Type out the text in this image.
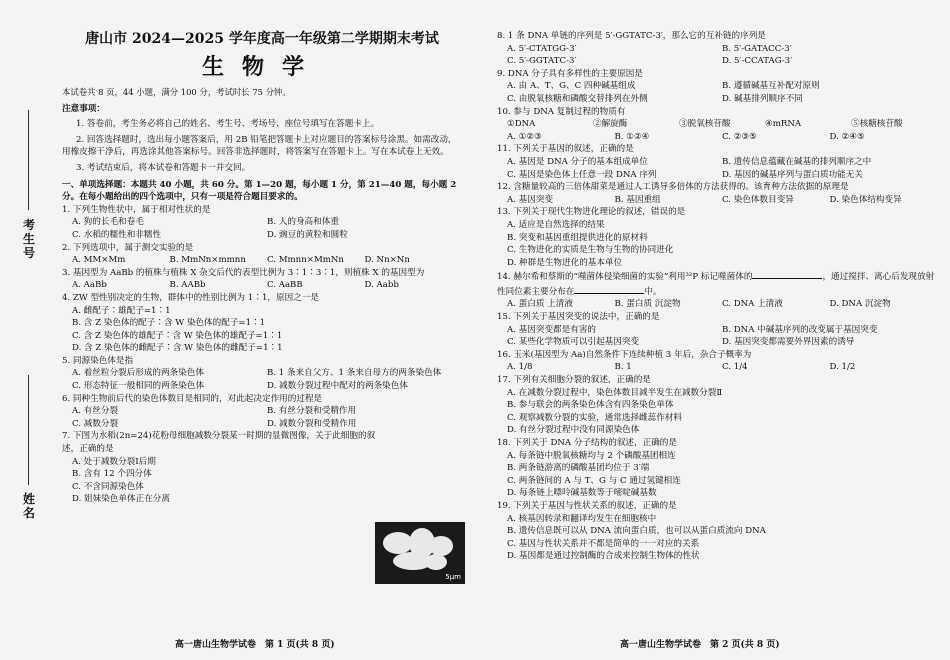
考生号
姓名
唐山市 2024—2025 学年度高一年级第二学期期末考试
生物学
本试卷共 8 页，44 小题，满分 100 分，考试时长 75 分钟。
注意事项：
1. 答卷前，考生务必将自己的姓名、考生号、考场号、座位号填写在答题卡上。
2. 回答选择题时，选出每小题答案后，用 2B 铅笔把答题卡上对应题目的答案标号涂黑。如需改动，用橡皮擦干净后，再选涂其他答案标号。回答非选择题时，将答案写在答题卡上。写在本试卷上无效。
3. 考试结束后，将本试卷和答题卡一并交回。
一、单项选择题：本题共 40 小题，共 60 分。第 1—20 题，每小题 1 分，第 21—40 题，每小题 2 分。在每小题给出的四个选项中，只有一项是符合题目要求的。
1. 下列生物性状中，属于相对性状的是
A. 狗的长毛和卷毛	B. 人的身高和体重
C. 水稻的糯性和非糯性	D. 豌豆的黄粒和圆粒
2. 下列选项中，属于测交实验的是
A. MM×Mm	B. MmNn×mmnn	C. Mmnn×MmNn	D. Nn×Nn
3. 基因型为 AaBb 的植株与植株 X 杂交后代的表型比例为 3∶1∶3∶1，则植株 X 的基因型为
A. AaBb	B. AABb	C. AaBB	D. Aabb
4. ZW 型性别决定的生物，群体中的性别比例为 1∶1，原因之一是
A. 雌配子∶雄配子=1∶1
B. 含 Z 染色体的配子∶含 W 染色体的配子=1∶1
C. 含 Z 染色体的雄配子∶含 W 染色体的雄配子=1∶1
D. 含 Z 染色体的雌配子∶含 W 染色体的雌配子=1∶1
5. 同源染色体是指
A. 着丝粒分裂后形成的两条染色体	B. 1 条来自父方、1 条来自母方的两条染色体
C. 形态特征一般相同的两条染色体	D. 减数分裂过程中配对的两条染色体
6. 同种生物前后代的染色体数目是相同的，对此起决定作用的过程是
A. 有丝分裂	B. 有丝分裂和受精作用
C. 减数分裂	D. 减数分裂和受精作用
7. 下图为水稻(2n=24)花粉母细胞减数分裂某一时期的显微图像，关于此细胞的叙述，正确的是
A. 处于减数分裂Ⅰ后期
B. 含有 12 个四分体
C. 不含同源染色体
D. 姐妹染色单体正在分离
5μm
8. 1 条 DNA 单链的序列是 5′-GGTATC-3′，那么它的互补链的序列是
A. 5′-CTATGG-3′	B. 5′-GATACC-3′
C. 5′-GGTATC-3′	D. 5′-CCATAG-3′
9. DNA 分子具有多样性的主要原因是
A. 由 A、T、G、C 四种碱基组成	B. 遵循碱基互补配对原则
C. 由脱氧核糖和磷酸交替排列在外侧	D. 碱基排列顺序不同
10. 参与 DNA 复制过程的物质有
①DNA	②解旋酶	③脱氧核苷酸	④mRNA	⑤核糖核苷酸
A. ①②③	B. ①②④	C. ②③⑤	D. ②④⑤
11. 下列关于基因的叙述，正确的是
A. 基因是 DNA 分子的基本组成单位	B. 遗传信息蕴藏在碱基的排列顺序之中
C. 基因是染色体上任意一段 DNA 序列	D. 基因的碱基序列与蛋白质功能无关
12. 含糖量较高的三倍体甜菜是通过人工诱导多倍体的方法获得的。该育种方法依据的原理是
A. 基因突变	B. 基因重组	C. 染色体数目变异	D. 染色体结构变异
13. 下列关于现代生物进化理论的叙述，错误的是
A. 适应是自然选择的结果
B. 突变和基因重组提供进化的原材料
C. 生物进化的实质是生物与生物的协同进化
D. 种群是生物进化的基本单位
14. 赫尔希和蔡斯的“噬菌体侵染细菌的实验”利用³²P 标记噬菌体的	，通过搅拌、离心后发现放射性同位素主要分布在	中。
A. 蛋白质 上清液	B. 蛋白质 沉淀物	C. DNA 上清液	D. DNA 沉淀物
15. 下列关于基因突变的说法中，正确的是
A. 基因突变都是有害的	B. DNA 中碱基序列的改变属于基因突变
C. 某些化学物质可以引起基因突变	D. 基因突变都需要外界因素的诱导
16. 玉米(基因型为 Aa)自然条件下连续种植 3 年后，杂合子概率为
A. 1/8	B. 1	C. 1/4	D. 1/2
17. 下列有关细胞分裂的叙述，正确的是
A. 在减数分裂过程中，染色体数目减半发生在减数分裂Ⅱ
B. 参与联会的两条染色体含有四条染色单体
C. 观察减数分裂的实验，通常选择雌蕊作材料
D. 有丝分裂过程中没有同源染色体
18. 下列关于 DNA 分子结构的叙述，正确的是
A. 每条链中脱氧核糖均与 2 个磷酸基团相连
B. 两条链游离的磷酸基团均位于 3′端
C. 两条链间的 A 与 T、G 与 C 通过氢键相连
D. 每条链上嘌呤碱基数等于嘧啶碱基数
19. 下列关于基因与性状关系的叙述，正确的是
A. 核基因转录和翻译均发生在细胞核中
B. 遗传信息既可以从 DNA 流向蛋白质，也可以从蛋白质流向 DNA
C. 基因与性状关系并不都是简单的一一对应的关系
D. 基因都是通过控制酶的合成来控制生物体的性状
高一唐山生物学试卷　第 1 页(共 8 页)	高一唐山生物学试卷　第 2 页(共 8 页)
